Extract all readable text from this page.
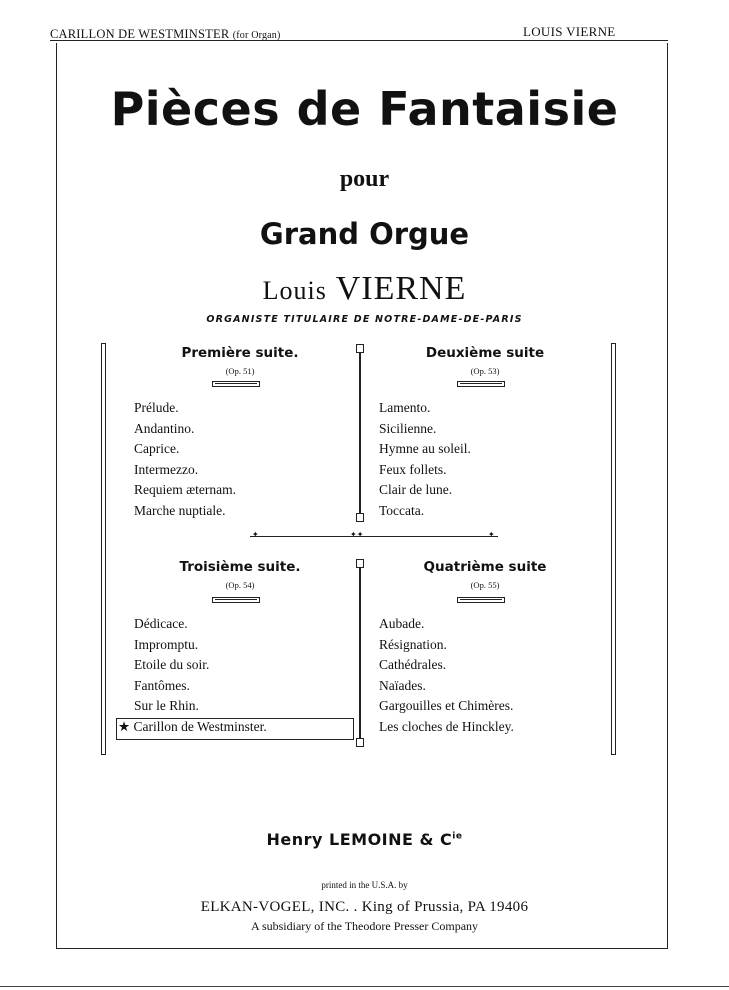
CARILLON DE WESTMINSTER (for Organ)	LOUIS VIERNE
Pièces de Fantaisie
pour
Grand Orgue
Louis VIERNE
ORGANISTE TITULAIRE DE NOTRE-DAME-DE-PARIS
✦	✦✦	✦
Première suite.
(Op. 51)
Prélude.
Andantino.
Caprice.
Intermezzo.
Requiem æternam.
Marche nuptiale.
Deuxième suite
(Op. 53)
Lamento.
Sicilienne.
Hymne au soleil.
Feux follets.
Clair de lune.
Toccata.
Troisième suite.
(Op. 54)
Dédicace.
Impromptu.
Etoile du soir.
Fantômes.
Sur le Rhin.
★ Carillon de Westminster.
Quatrième suite
(Op. 55)
Aubade.
Résignation.
Cathédrales.
Naïades.
Gargouilles et Chimères.
Les cloches de Hinckley.
Henry LEMOINE & $C^{ie}$
printed in the U.S.A. by
ELKAN-VOGEL, INC. . King of Prussia, PA 19406
A subsidiary of the Theodore Presser Company
